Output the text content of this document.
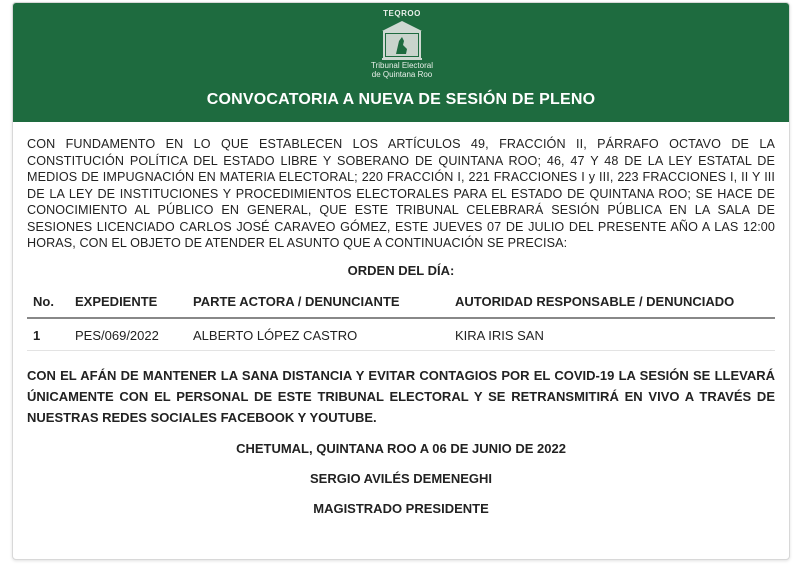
TEQROO
Tribunal Electoral
de Quintana Roo
CONVOCATORIA A NUEVA DE SESIÓN DE PLENO

CON FUNDAMENTO EN LO QUE ESTABLECEN LOS ARTÍCULOS 49, FRACCIÓN II, PÁRRAFO OCTAVO DE LA CONSTITUCIÓN POLÍTICA DEL ESTADO LIBRE Y SOBERANO DE QUINTANA ROO; 46, 47 Y 48 DE LA LEY ESTATAL DE MEDIOS DE IMPUGNACIÓN EN MATERIA ELECTORAL; 220 FRACCIÓN I, 221 FRACCIONES I y III, 223 FRACCIONES I, II Y III DE LA LEY DE INSTITUCIONES Y PROCEDIMIENTOS ELECTORALES PARA EL ESTADO DE QUINTANA ROO; SE HACE DE CONOCIMIENTO AL PÚBLICO EN GENERAL, QUE ESTE TRIBUNAL CELEBRARÁ SESIÓN PÚBLICA EN LA SALA DE SESIONES LICENCIADO CARLOS JOSÉ CARAVEO GÓMEZ, ESTE JUEVES 07 DE JULIO DEL PRESENTE AÑO A LAS 12:00 HORAS, CON EL OBJETO DE ATENDER EL ASUNTO QUE A CONTINUACIÓN SE PRECISA:

ORDEN DEL DÍA:
No.	EXPEDIENTE	PARTE ACTORA / DENUNCIANTE	AUTORIDAD RESPONSABLE / DENUNCIADO
1	PES/069/2022	ALBERTO LÓPEZ CASTRO	KIRA IRIS SAN

CON EL AFÁN DE MANTENER LA SANA DISTANCIA Y EVITAR CONTAGIOS POR EL COVID-19 LA SESIÓN SE LLEVARÁ ÚNICAMENTE CON EL PERSONAL DE ESTE TRIBUNAL ELECTORAL Y SE RETRANSMITIRÁ EN VIVO A TRAVÉS DE NUESTRAS REDES SOCIALES FACEBOOK Y YOUTUBE.

CHETUMAL, QUINTANA ROO A 06 DE JUNIO DE 2022
SERGIO AVILÉS DEMENEGHI
MAGISTRADO PRESIDENTE
